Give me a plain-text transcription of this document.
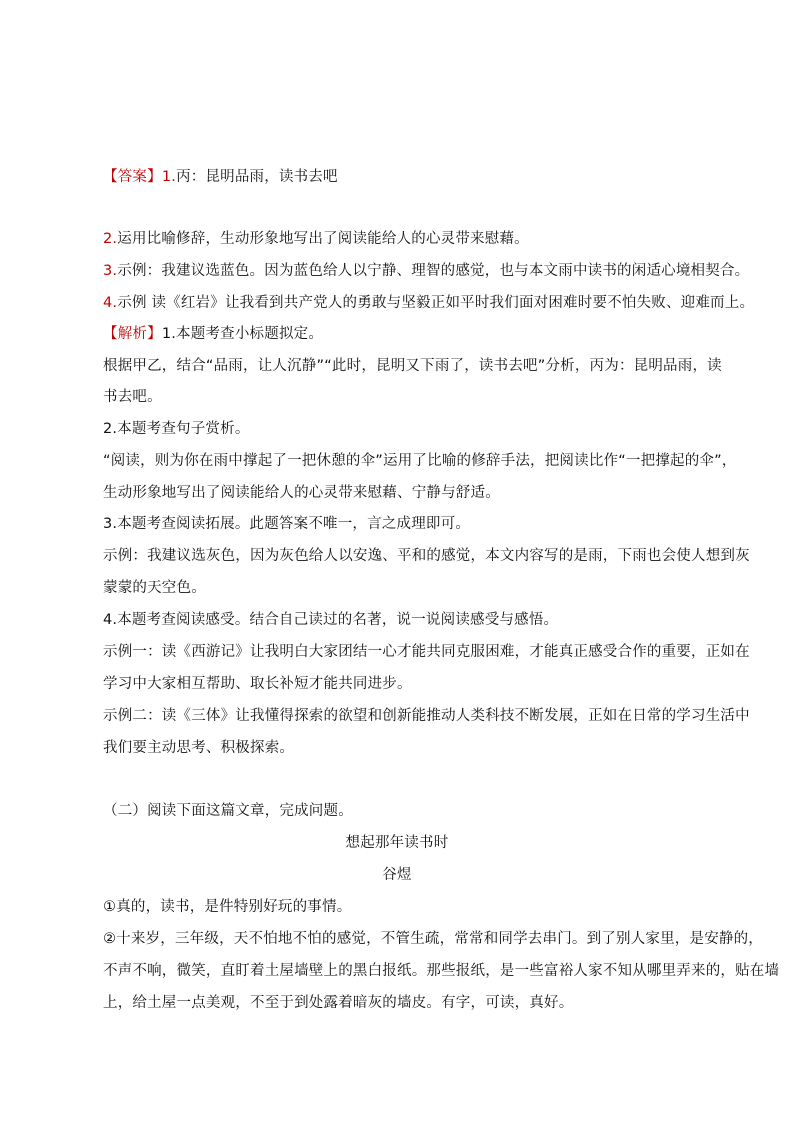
【答案】1.丙：昆明品雨，读书去吧
2.运用比喻修辞，生动形象地写出了阅读能给人的心灵带来慰藉。
3.示例：我建议选蓝色。因为蓝色给人以宁静、理智的感觉，也与本文雨中读书的闲适心境相契合。
4.示例 读《红岩》让我看到共产党人的勇敢与坚毅正如平时我们面对困难时要不怕失败、迎难而上。
【解析】1.本题考查小标题拟定。
根据甲乙，结合“品雨，让人沉静”“此时，昆明又下雨了，读书去吧”分析，丙为：昆明品雨，读
书去吧。
2.本题考查句子赏析。
“阅读，则为你在雨中撑起了一把休憩的伞”运用了比喻的修辞手法，把阅读比作“一把撑起的伞”，
生动形象地写出了阅读能给人的心灵带来慰藉、宁静与舒适。
3.本题考查阅读拓展。此题答案不唯一，言之成理即可。
示例：我建议选灰色，因为灰色给人以安逸、平和的感觉，本文内容写的是雨，下雨也会使人想到灰
蒙蒙的天空色。
4.本题考查阅读感受。结合自己读过的名著，说一说阅读感受与感悟。
示例一：读《西游记》让我明白大家团结一心才能共同克服困难，才能真正感受合作的重要，正如在
学习中大家相互帮助、取长补短才能共同进步。
示例二：读《三体》让我懂得探索的欲望和创新能推动人类科技不断发展，正如在日常的学习生活中
我们要主动思考、积极探索。
（二）阅读下面这篇文章，完成问题。
想起那年读书时
谷煜
①真的，读书，是件特别好玩的事情。
②十来岁，三年级，天不怕地不怕的感觉，不管生疏，常常和同学去串门。到了别人家里，是安静的，
不声不响，微笑，直盯着土屋墙壁上的黑白报纸。那些报纸，是一些富裕人家不知从哪里弄来的，贴在墙
上，给土屋一点美观，不至于到处露着暗灰的墙皮。有字，可读，真好。
